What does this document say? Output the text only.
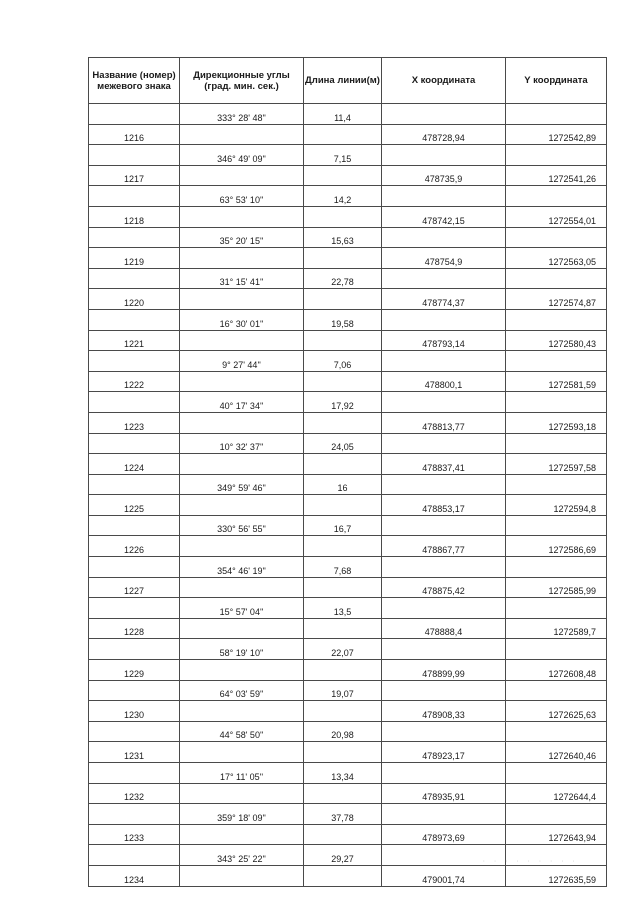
Название (номер) межевого знака	Дирекционные углы (град. мин. сек.)	Длина линии(м)	X координата	Y координата
	333° 28' 48''	11,4		
1216			478728,94	1272542,89
	346° 49' 09''	7,15		
1217			478735,9	1272541,26
	63° 53' 10''	14,2		
1218			478742,15	1272554,01
	35° 20' 15''	15,63		
1219			478754,9	1272563,05
	31° 15' 41''	22,78		
1220			478774,37	1272574,87
	16° 30' 01''	19,58		
1221			478793,14	1272580,43
	9° 27' 44''	7,06		
1222			478800,1	1272581,59
	40° 17' 34''	17,92		
1223			478813,77	1272593,18
	10° 32' 37''	24,05		
1224			478837,41	1272597,58
	349° 59' 46''	16		
1225			478853,17	1272594,8
	330° 56' 55''	16,7		
1226			478867,77	1272586,69
	354° 46' 19''	7,68		
1227			478875,42	1272585,99
	15° 57' 04''	13,5		
1228			478888,4	1272589,7
	58° 19' 10''	22,07		
1229			478899,99	1272608,48
	64° 03' 59''	19,07		
1230			478908,33	1272625,63
	44° 58' 50''	20,98		
1231			478923,17	1272640,46
	17° 11' 05''	13,34		
1232			478935,91	1272644,4
	359° 18' 09''	37,78		
1233			478973,69	1272643,94
	343° 25' 22''	29,27		
1234			479001,74	1272635,59
· · · · · · · · ·
